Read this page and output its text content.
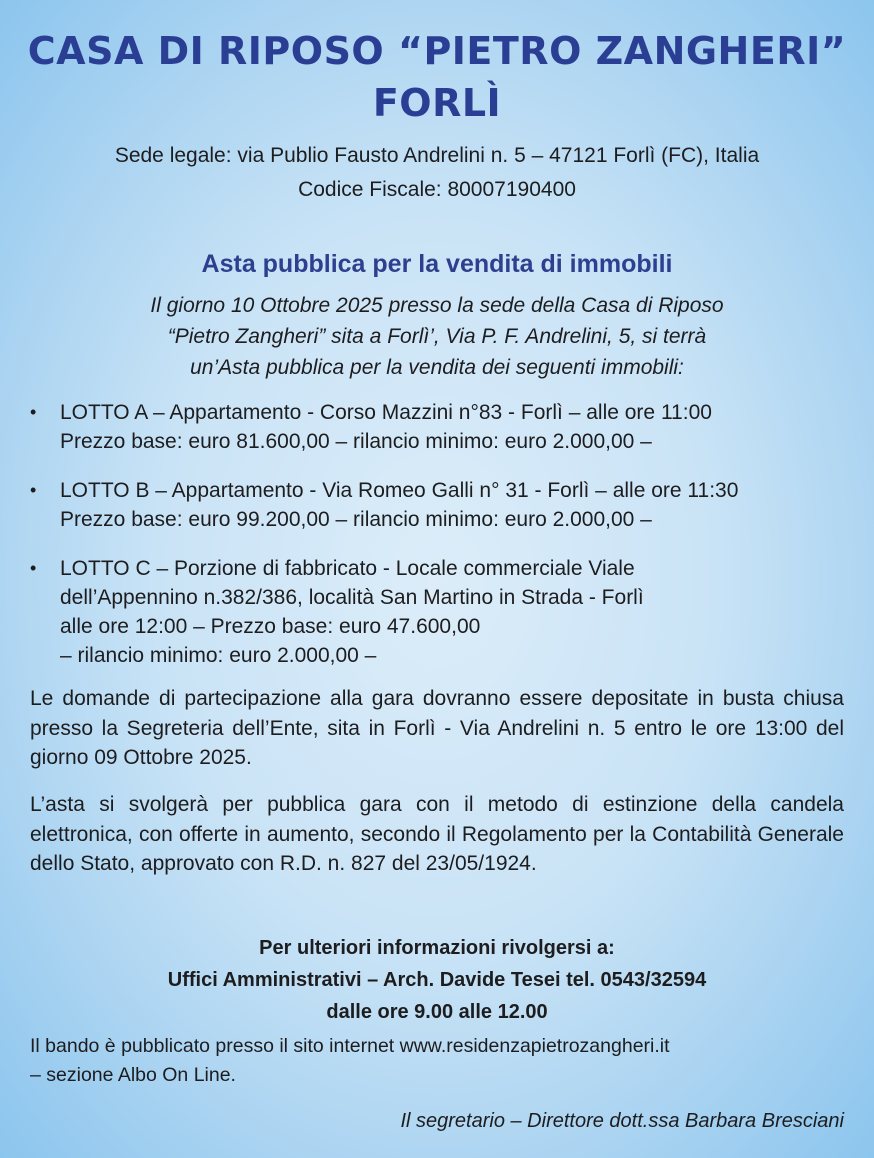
CASA DI RIPOSO “PIETRO ZANGHERI”
FORLÌ
Sede legale: via Publio Fausto Andrelini n. 5 – 47121 Forlì (FC), Italia
Codice Fiscale: 80007190400
Asta pubblica per la vendita di immobili
Il giorno 10 Ottobre 2025 presso la sede della Casa di Riposo
“Pietro Zangheri” sita a Forlì’, Via P. F. Andrelini, 5, si terrà
un’Asta pubblica per la vendita dei seguenti immobili:
• LOTTO A – Appartamento - Corso Mazzini n°83 - Forlì – alle ore 11:00
Prezzo base: euro 81.600,00 – rilancio minimo: euro 2.000,00 –
• LOTTO B – Appartamento - Via Romeo Galli n° 31 - Forlì – alle ore 11:30
Prezzo base: euro 99.200,00 – rilancio minimo: euro 2.000,00 –
• LOTTO C – Porzione di fabbricato - Locale commerciale Viale
dell’Appennino n.382/386, località San Martino in Strada - Forlì
alle ore 12:00 – Prezzo base: euro 47.600,00
– rilancio minimo: euro 2.000,00 –
Le domande di partecipazione alla gara dovranno essere depositate in busta chiusa presso la Segreteria dell’Ente, sita in Forlì - Via Andrelini n. 5 entro le ore 13:00 del giorno 09 Ottobre 2025.
L’asta si svolgerà per pubblica gara con il metodo di estinzione della candela elettronica, con offerte in aumento, secondo il Regolamento per la Contabilità Generale dello Stato, approvato con R.D. n. 827 del 23/05/1924.
Per ulteriori informazioni rivolgersi a:
Uffici Amministrativi – Arch. Davide Tesei tel. 0543/32594
dalle ore 9.00 alle 12.00
Il bando è pubblicato presso il sito internet www.residenzapietrozangheri.it
– sezione Albo On Line.
Il segretario – Direttore dott.ssa Barbara Bresciani
